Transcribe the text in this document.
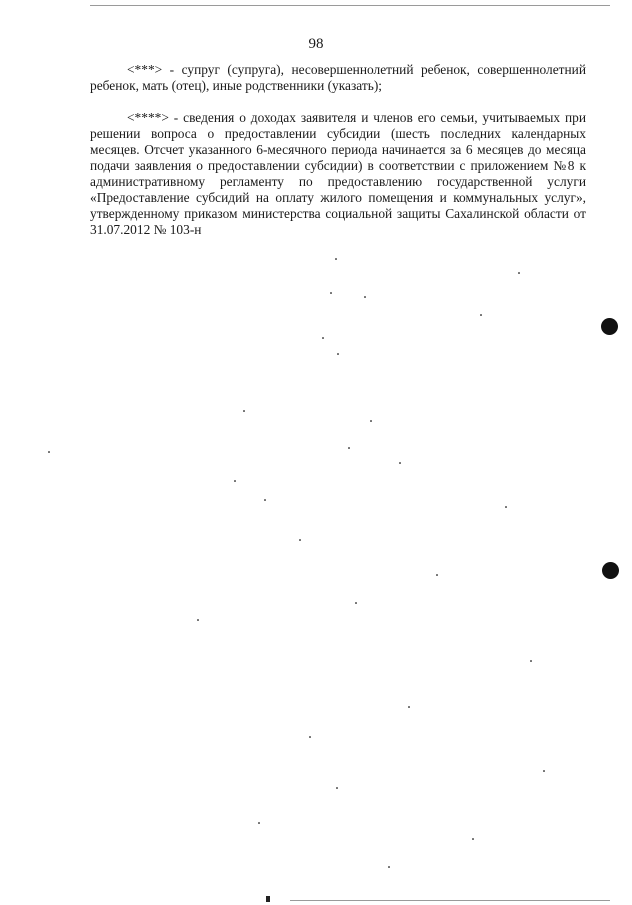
98

<***> - супруг (супруга), несовершеннолетний ребенок, совершеннолетний ребенок, мать (отец), иные родственники (указать);

<****> - сведения о доходах заявителя и членов его семьи, учитываемых при решении вопроса о предоставлении субсидии (шесть последних календарных месяцев. Отсчет указанного 6-месячного периода начинается за 6 месяцев до месяца подачи заявления о предоставлении субсидии) в соответствии с приложением №8 к административному регламенту по предоставлению государственной услуги «Предоставление субсидий на оплату жилого помещения и коммунальных услуг», утвержденному приказом министерства социальной защиты Сахалинской области от 31.07.2012 № 103-н
